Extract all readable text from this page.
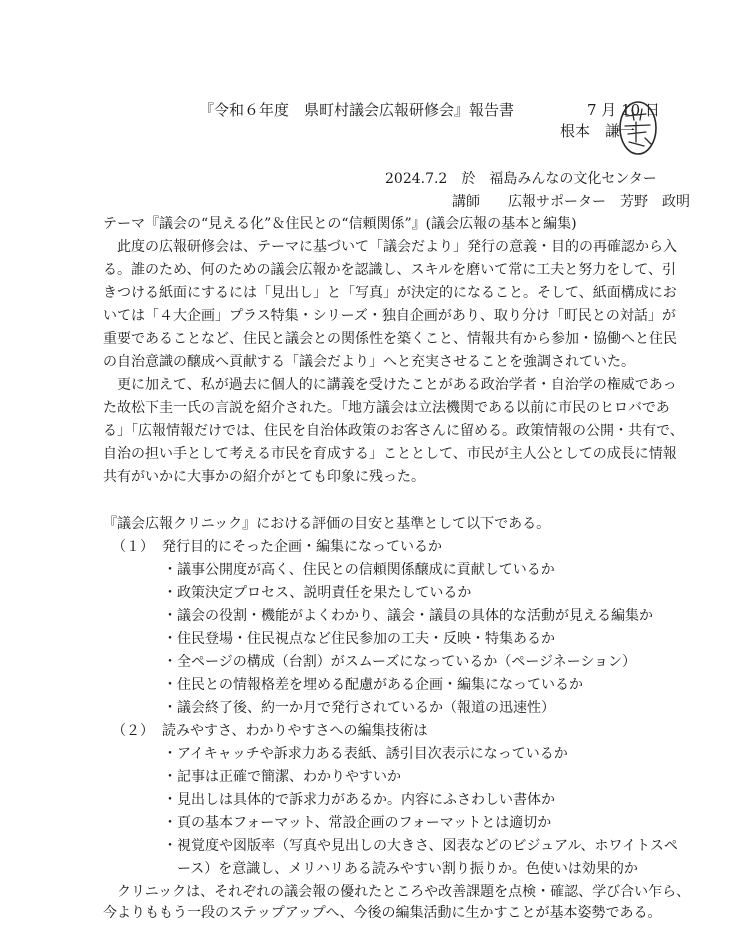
『令和６年度　県町村議会広報研修会』報告書	7 月 10 日
根本　謙一
2024.7.2　於　福島みんなの文化センター
講師　　広報サポーター　芳野　政明
テーマ『議会の“見える化”＆住民との“信頼関係”』(議会広報の基本と編集)
　此度の広報研修会は、テーマに基づいて「議会だより」発行の意義・目的の再確認から入
る。誰のため、何のための議会広報かを認識し、スキルを磨いて常に工夫と努力をして、引
きつける紙面にするには「見出し」と「写真」が決定的になること。そして、紙面構成にお
いては「４大企画」プラス特集・シリーズ・独自企画があり、取り分け「町民との対話」が
重要であることなど、住民と議会との関係性を築くこと、情報共有から参加・協働へと住民
の自治意識の醸成へ貢献する「議会だより」へと充実させることを強調されていた。
　更に加えて、私が過去に個人的に講義を受けたことがある政治学者・自治学の権威であっ
た故松下圭一氏の言説を紹介された。「地方議会は立法機関である以前に市民のヒロバであ
る」「広報情報だけでは、住民を自治体政策のお客さんに留める。政策情報の公開・共有で、
自治の担い手として考える市民を育成する」こととして、市民が主人公としての成長に情報
共有がいかに大事かの紹介がとても印象に残った。
『議会広報クリニック』における評価の目安と基準として以下である。
（１） 発行目的にそった企画・編集になっているか
・議事公開度が高く、住民との信頼関係醸成に貢献しているか
・政策決定プロセス、説明責任を果たしているか
・議会の役割・機能がよくわかり、議会・議員の具体的な活動が見える編集か
・住民登場・住民視点など住民参加の工夫・反映・特集あるか
・全ページの構成（台割）がスムーズになっているか（ページネーション）
・住民との情報格差を埋める配慮がある企画・編集になっているか
・議会終了後、約一か月で発行されているか（報道の迅速性）
（２） 読みやすさ、わかりやすさへの編集技術は
・アイキャッチや訴求力ある表紙、誘引目次表示になっているか
・記事は正確で簡潔、わかりやすいか
・見出しは具体的で訴求力があるか。内容にふさわしい書体か
・頁の基本フォーマット、常設企画のフォーマットとは適切か
・視覚度や図版率（写真や見出しの大きさ、図表などのビジュアル、ホワイトスペ
　ース）を意識し、メリハリある読みやすい割り振りか。色使いは効果的か
　クリニックは、それぞれの議会報の優れたところや改善課題を点検・確認、学び合い乍ら、
今よりももう一段のステップアップへ、今後の編集活動に生かすことが基本姿勢である。
